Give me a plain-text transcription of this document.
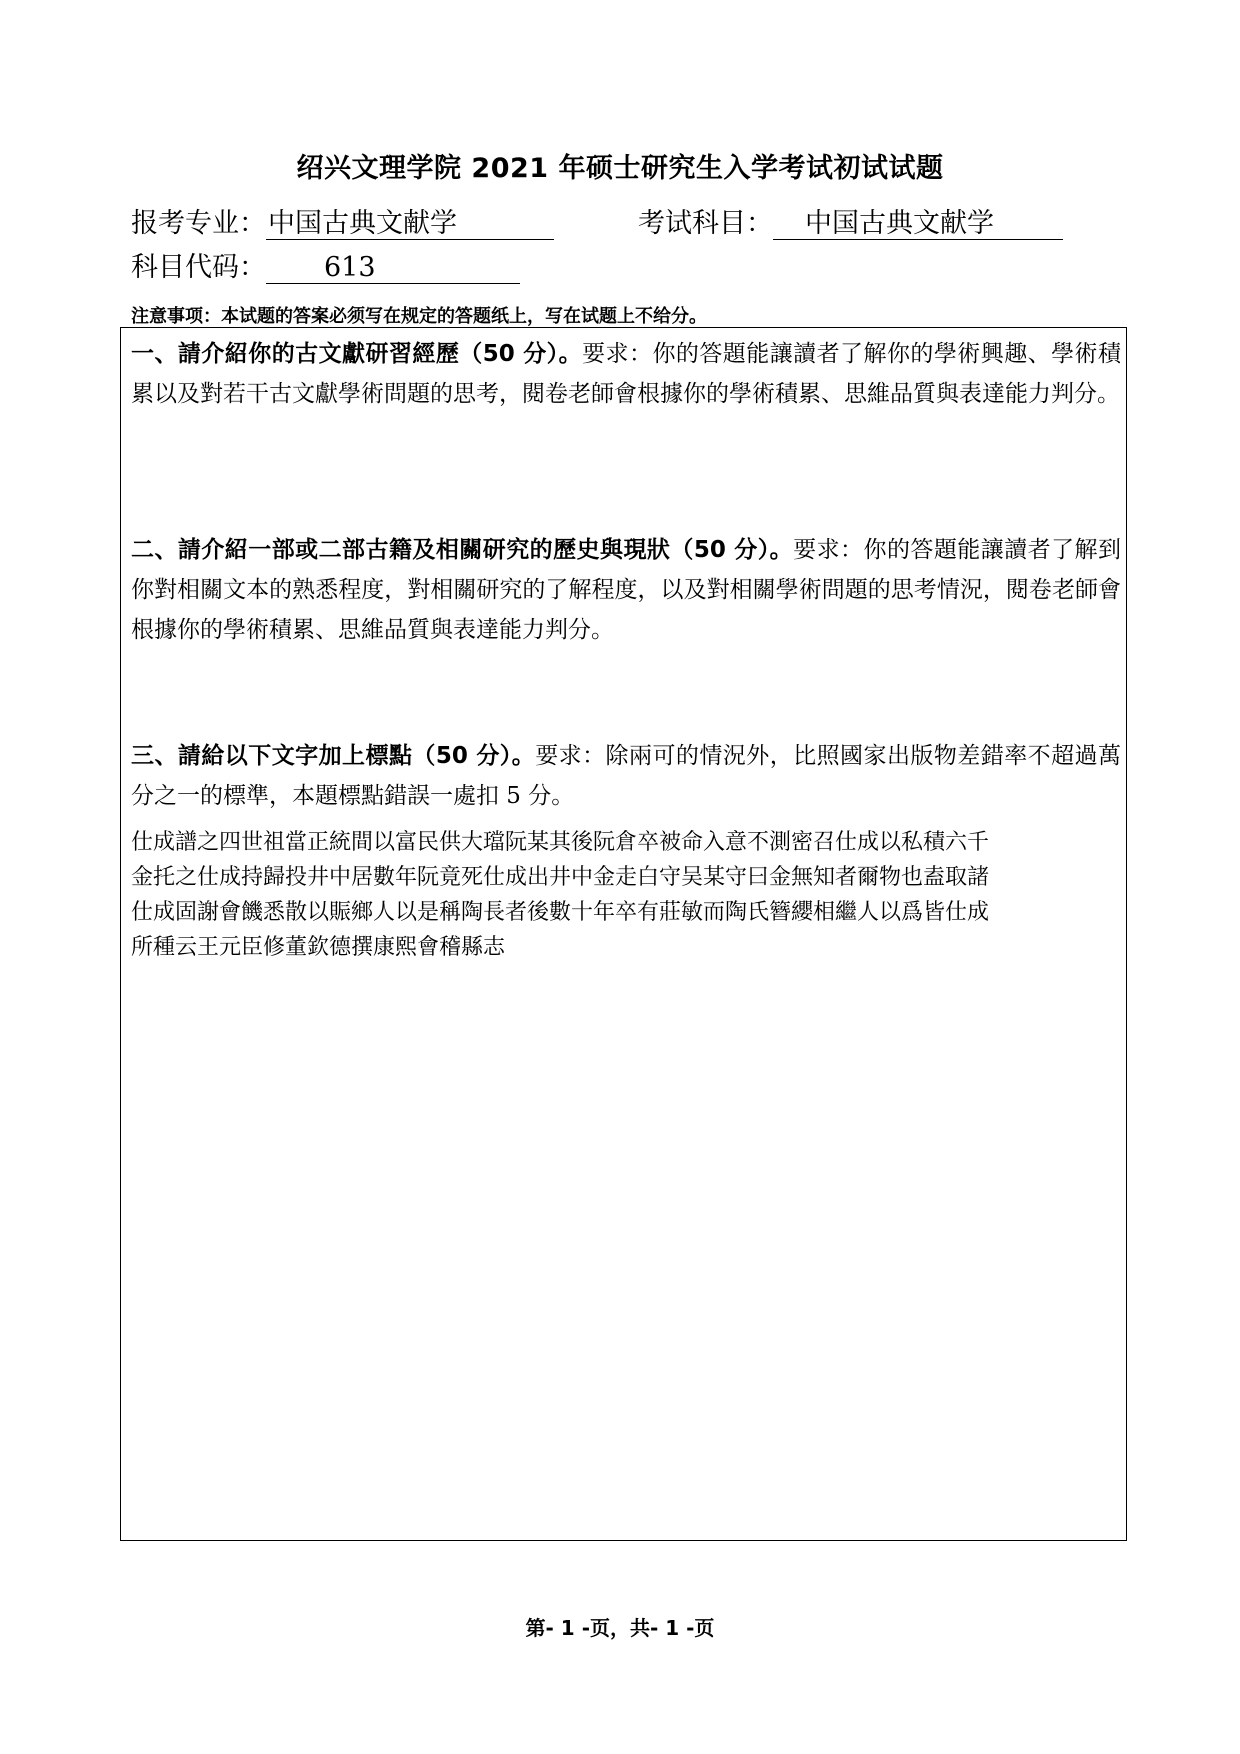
绍兴文理学院 2021 年硕士研究生入学考试初试试题
报考专业：中国古典文献学	考试科目： 中国古典文献学
科目代码： 613
注意事项：本试题的答案必须写在规定的答题纸上，写在试题上不给分。
一、請介紹你的古文獻研習經歷（50 分）。要求：你的答題能讓讀者了解你的學術興趣、學術積累以及對若干古文獻學術問題的思考，閱卷老師會根據你的學術積累、思維品質與表達能力判分。
二、請介紹一部或二部古籍及相關研究的歷史與現狀（50 分）。要求：你的答題能讓讀者了解到你對相關文本的熟悉程度，對相關研究的了解程度，以及對相關學術問題的思考情況，閱卷老師會根據你的學術積累、思維品質與表達能力判分。
三、請給以下文字加上標點（50 分）。要求：除兩可的情況外，比照國家出版物差錯率不超過萬分之一的標準，本題標點錯誤一處扣 5 分。
仕成譜之四世祖當正統間以富民供大璫阮某其後阮倉卒被命入意不測密召仕成以私積六千
金托之仕成持歸投井中居數年阮竟死仕成出井中金走白守吴某守曰金無知者爾物也盍取諸
仕成固謝會饑悉散以賑鄉人以是稱陶長者後數十年卒有莊敏而陶氏簪纓相繼人以爲皆仕成
所種云王元臣修董欽德撰康熙會稽縣志
第- 1 -页，共- 1 -页
